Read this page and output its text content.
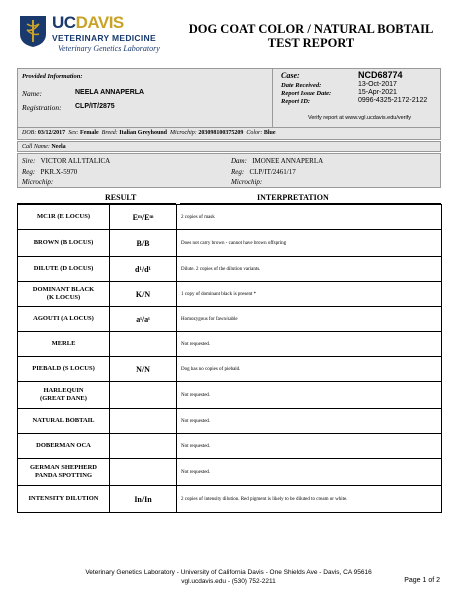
UCDAVIS
VETERINARY MEDICINE
Veterinary Genetics Laboratory
DOG COAT COLOR / NATURAL BOBTAIL
TEST REPORT
Provided Information:
Name:	NEELA ANNAPERLA
Registration: CLP/IT/2875
Case:	NCD68774
Date Received:	13-Oct-2017
Report Issue Date:	15-Apr-2021
Report ID:	0996-4325-2172-2122
Verify report at www.vgl.ucdavis.edu/verify
DOB: 03/12/2017 Sex: Female Breed: Italian Greyhound Microchip: 203098100375209 Color: Blue
Call Name: Neela
Sire: VICTOR ALL'ITALICA
Reg: PKR.X-5970
Microchip:
Dam: IMONEE ANNAPERLA
Reg: CLP/IT/2461/17
Microchip:
RESULT	INTERPRETATION
MC1R (E LOCUS)	Eᵐ/Eᵐ	2 copies of mask
BROWN (B LOCUS)	B/B	Does not carry brown - cannot have brown offspring
DILUTE (D LOCUS)	d¹/d¹	Dilute. 2 copies of the dilution variants.
DOMINANT BLACK
(K LOCUS)	K/N	1 copy of dominant black is present *
AGOUTI (A LOCUS)	aᵗ/aᵗ	Homozygous for fawn/sable
MERLE		Not requested.
PIEBALD (S LOCUS)	N/N	Dog has no copies of piebald.
HARLEQUIN
(GREAT DANE)		Not requested.
NATURAL BOBTAIL		Not requested.
DOBERMAN OCA		Not requested.
GERMAN SHEPHERD
PANDA SPOTTING		Not requested.
INTENSITY DILUTION	In/In	2 copies of intensity dilution. Red pigment is likely to be diluted to cream or white.
Veterinary Genetics Laboratory - University of California Davis - One Shields Ave - Davis, CA 95616
vgl.ucdavis.edu - (530) 752-2211	Page 1 of 2
